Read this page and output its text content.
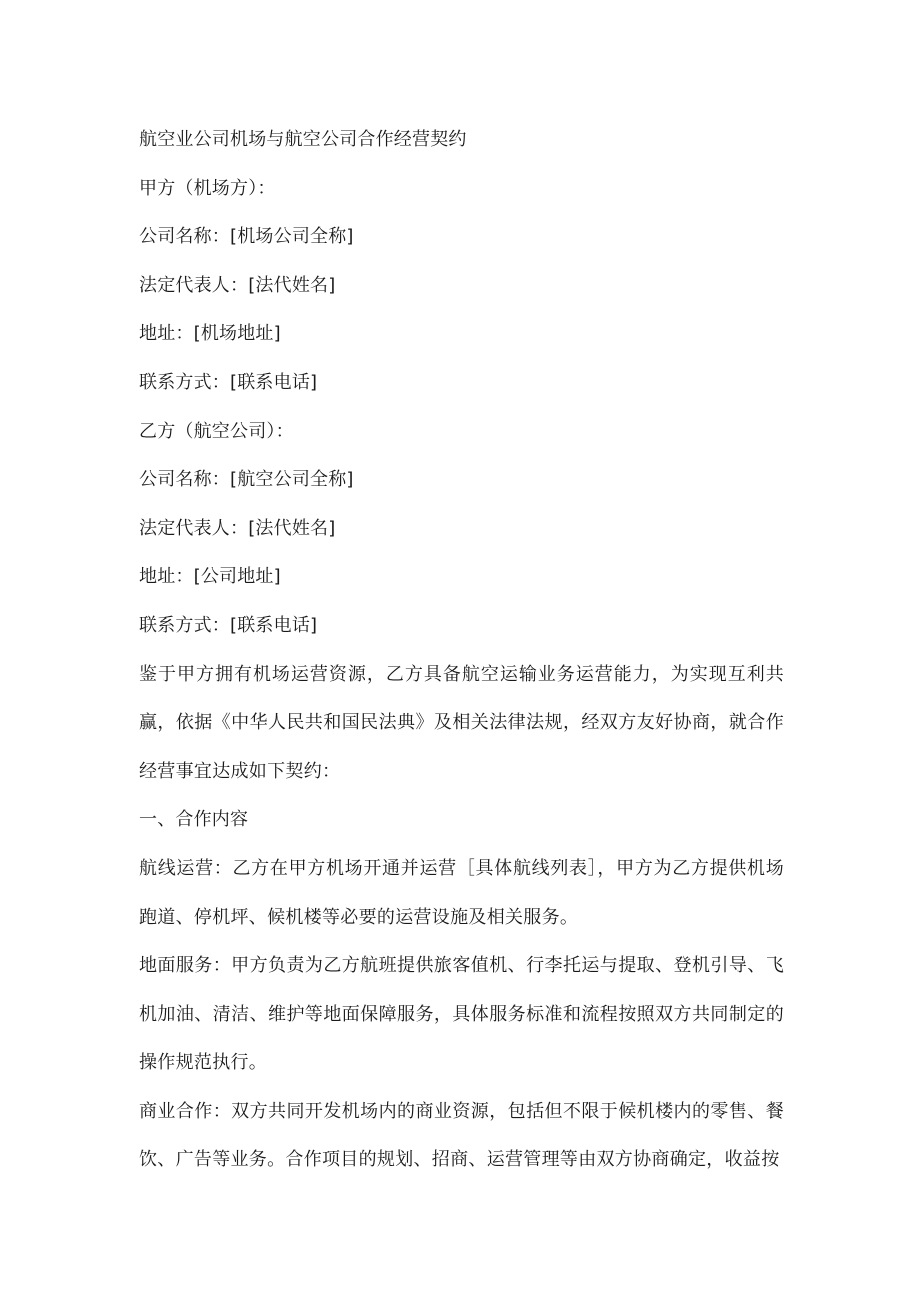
航空业公司机场与航空公司合作经营契约
甲方（机场方）：
公司名称：[机场公司全称]
法定代表人：[法代姓名]
地址：[机场地址]
联系方式：[联系电话]
乙方（航空公司）：
公司名称：[航空公司全称]
法定代表人：[法代姓名]
地址：[公司地址]
联系方式：[联系电话]
鉴于甲方拥有机场运营资源，乙方具备航空运输业务运营能力，为实现互利共赢，依据《中华人民共和国民法典》及相关法律法规，经双方友好协商，就合作经营事宜达成如下契约：
一、合作内容
航线运营：乙方在甲方机场开通并运营［具体航线列表］，甲方为乙方提供机场跑道、停机坪、候机楼等必要的运营设施及相关服务。
地面服务：甲方负责为乙方航班提供旅客值机、行李托运与提取、登机引导、飞机加油、清洁、维护等地面保障服务，具体服务标准和流程按照双方共同制定的操作规范执行。
商业合作：双方共同开发机场内的商业资源，包括但不限于候机楼内的零售、餐饮、广告等业务。合作项目的规划、招商、运营管理等由双方协商确定，收益按
